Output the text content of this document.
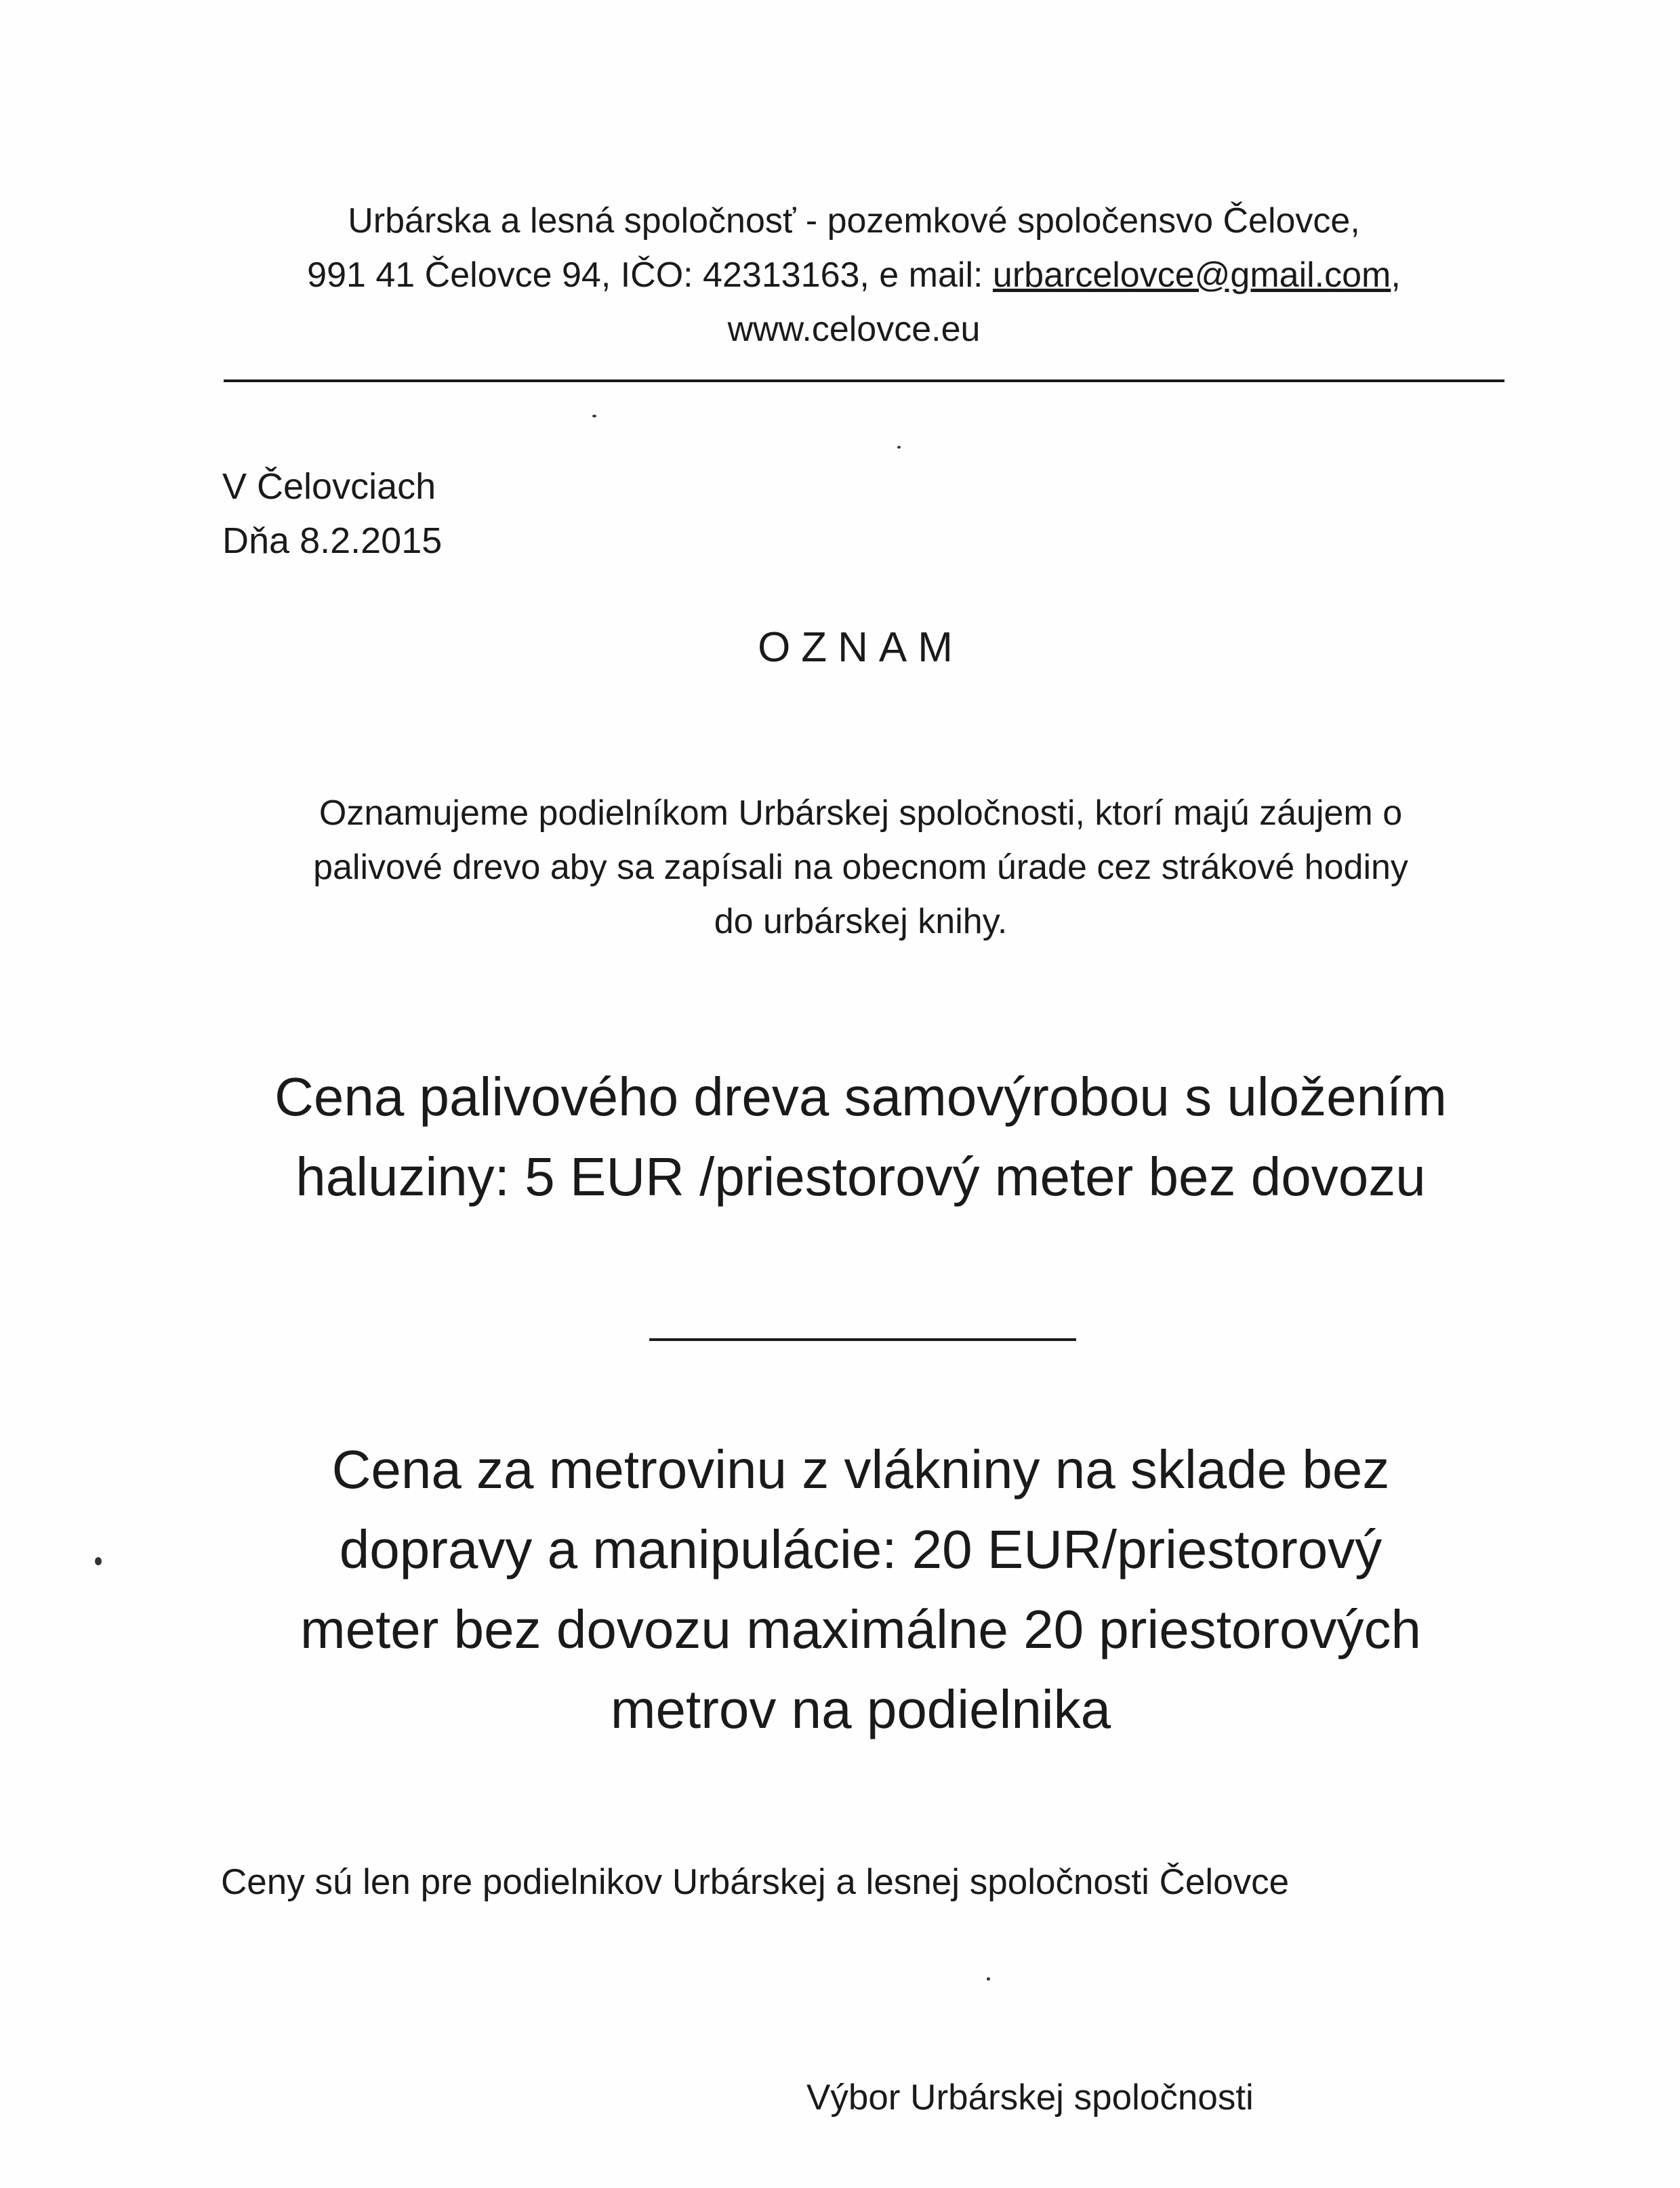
Urbárska a lesná spoločnosť - pozemkové spoločensvo Čelovce,
991 41 Čelovce 94, IČO: 42313163, e mail: urbarcelovce@gmail.com,
www.celovce.eu
V Čelovciach
Dňa 8.2.2015
OZNAM
Oznamujeme podielníkom Urbárskej spoločnosti, ktorí majú záujem o
palivové drevo aby sa zapísali na obecnom úrade cez strákové hodiny
do urbárskej knihy.
Cena palivového dreva samovýrobou s uložením
haluziny: 5 EUR /priestorový meter bez dovozu
Cena za metrovinu z vlákniny na sklade bez
dopravy a manipulácie: 20 EUR/priestorový
meter bez dovozu maximálne 20 priestorových
metrov na podielnika
Ceny sú len pre podielnikov Urbárskej a lesnej spoločnosti Čelovce
Výbor Urbárskej spoločnosti
